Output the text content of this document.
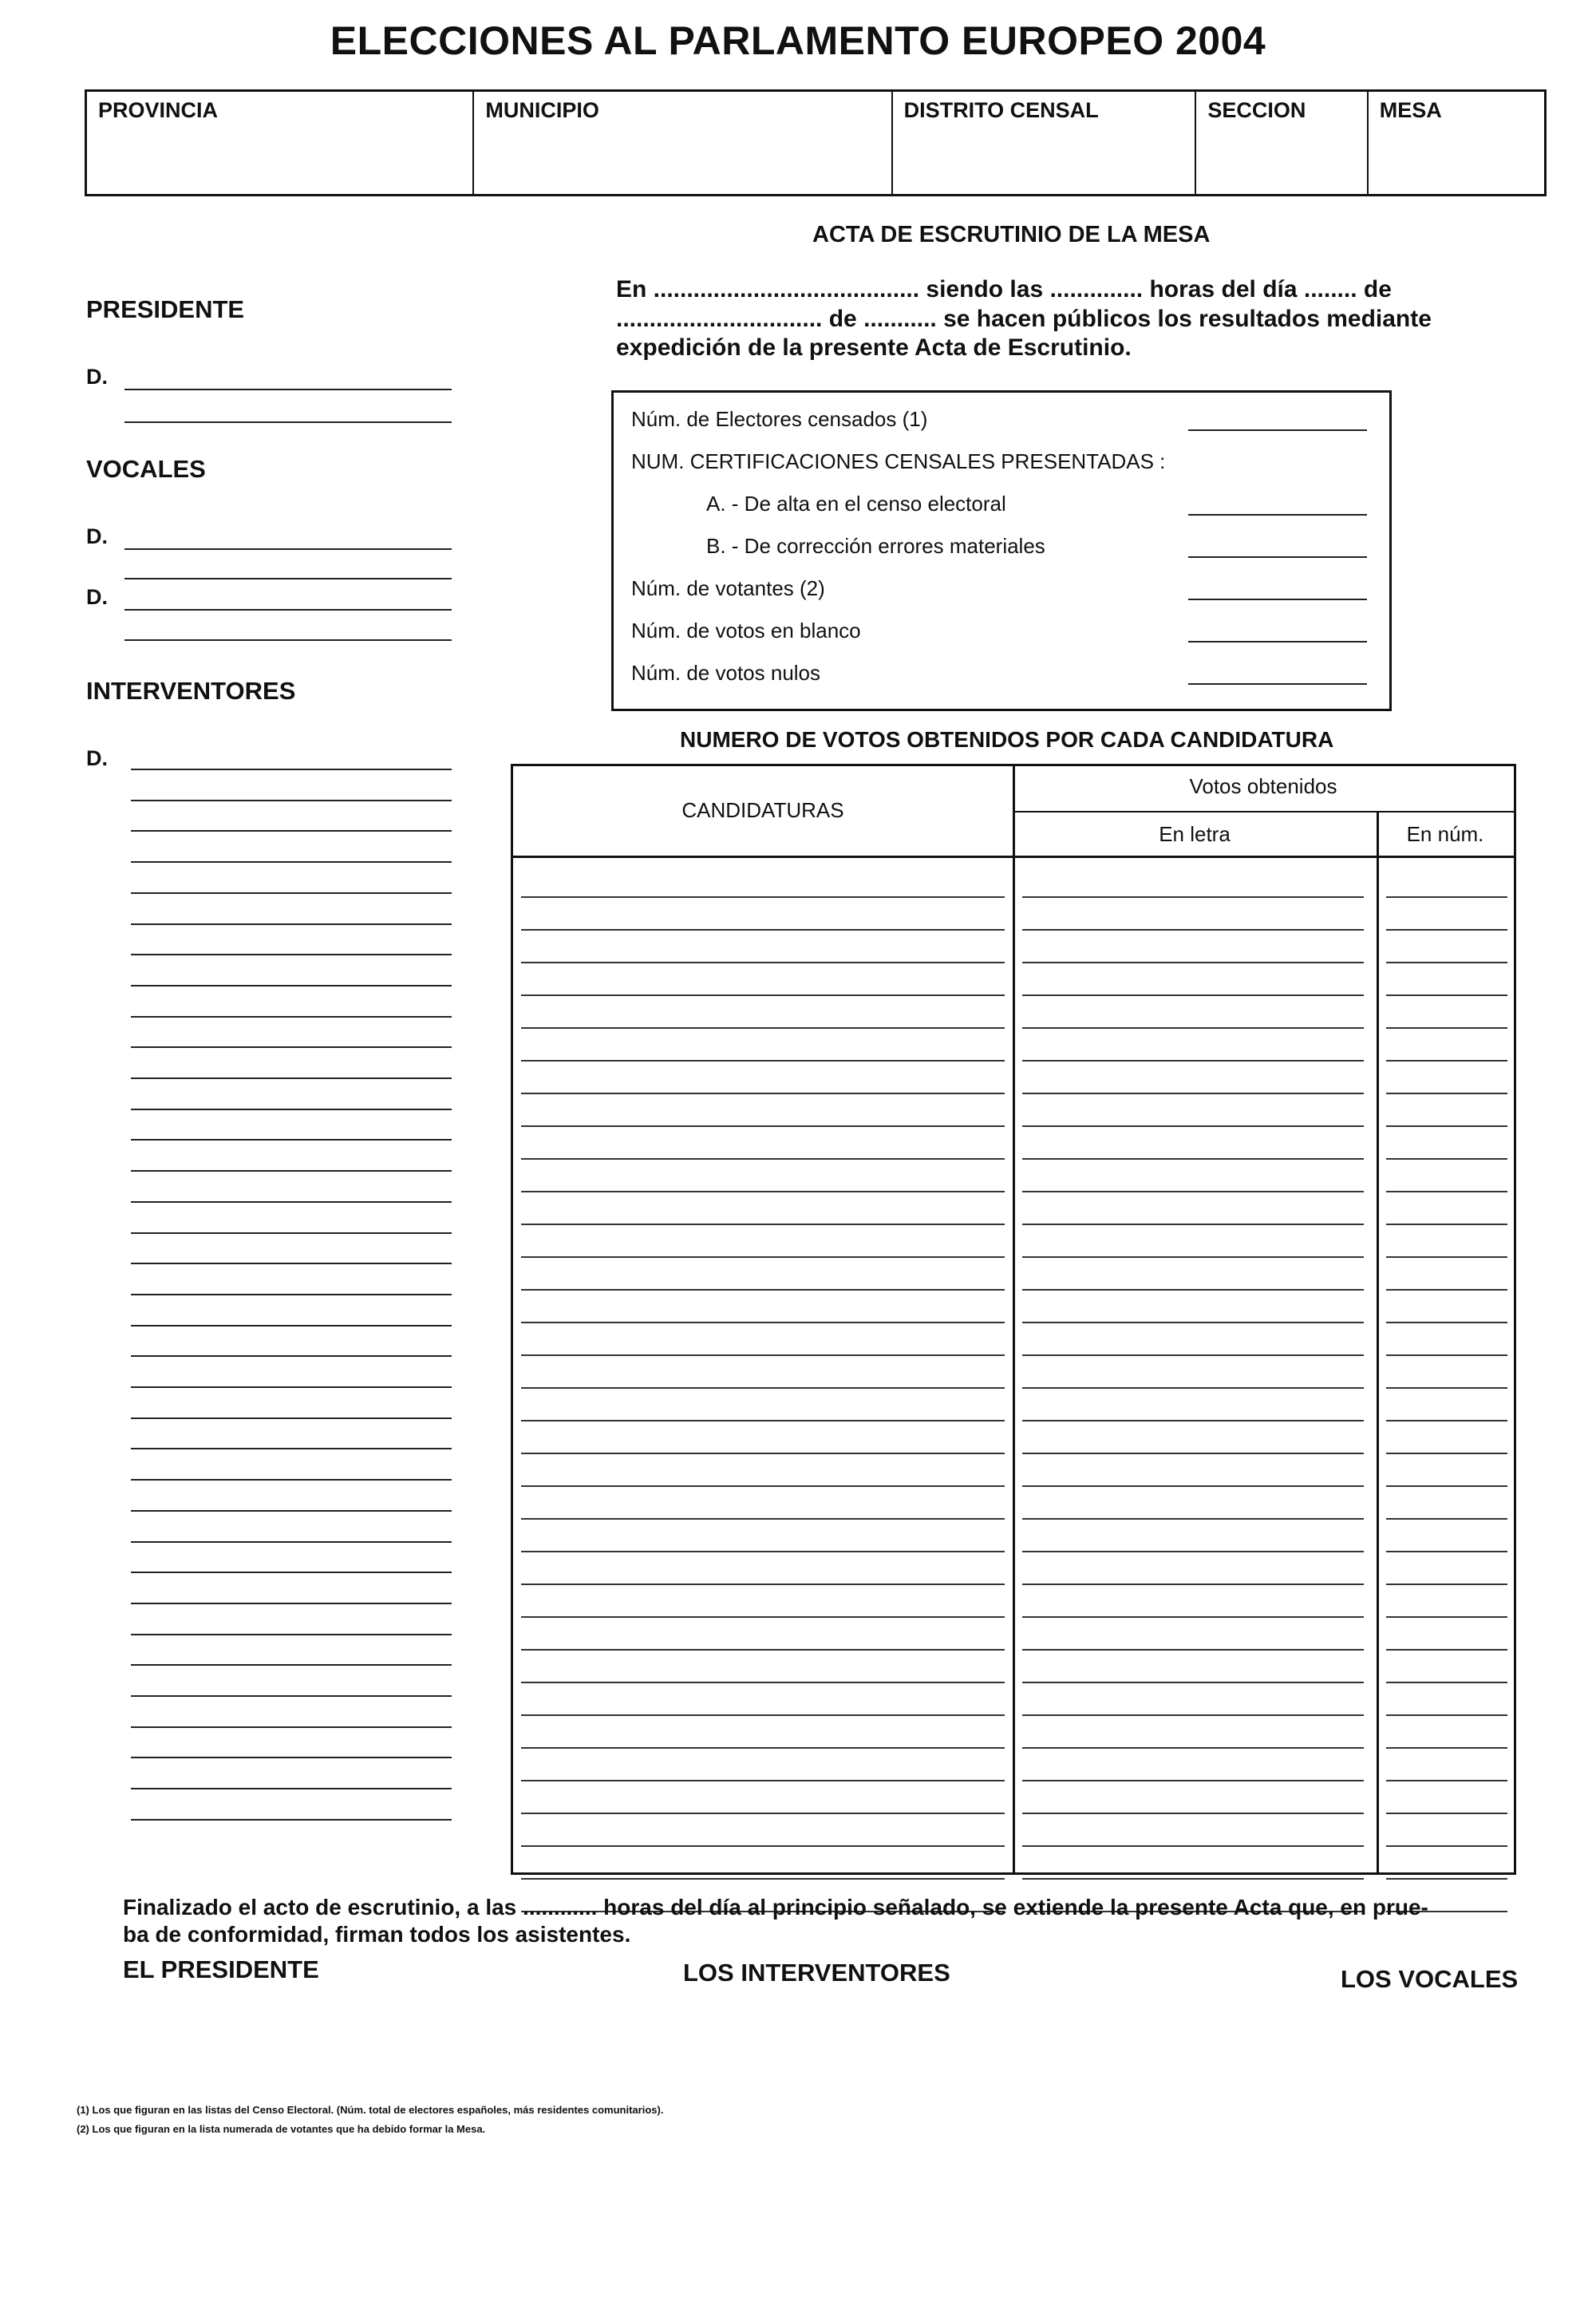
ELECCIONES AL PARLAMENTO EUROPEO 2004
PROVINCIA	MUNICIPIO	DISTRITO CENSAL	SECCION	MESA
PRESIDENTE
D.
VOCALES
D.
D.
INTERVENTORES
D.
ACTA DE ESCRUTINIO DE LA MESA
En ........................................ siendo las .............. horas del día ........ de
............................... de ........... se hacen públicos los resultados mediante
expedición de la presente Acta de Escrutinio.
Núm. de Electores censados (1)
NUM. CERTIFICACIONES CENSALES PRESENTADAS :
A. - De alta en el censo electoral
B. - De corrección errores materiales
Núm. de votantes (2)
Núm. de votos en blanco
Núm. de votos nulos
NUMERO DE VOTOS OBTENIDOS POR CADA CANDIDATURA
CANDIDATURAS
Votos obtenidos
En letra	En núm.
Finalizado el acto de escrutinio, a las ............ horas del día al principio señalado, se extiende la presente Acta que, en prue-
ba de conformidad, firman todos los asistentes.
EL PRESIDENTE	LOS INTERVENTORES	LOS VOCALES
(1) Los que figuran en las listas del Censo Electoral. (Núm. total de electores españoles, más residentes comunitarios).
(2) Los que figuran en la lista numerada de votantes que ha debido formar la Mesa.
